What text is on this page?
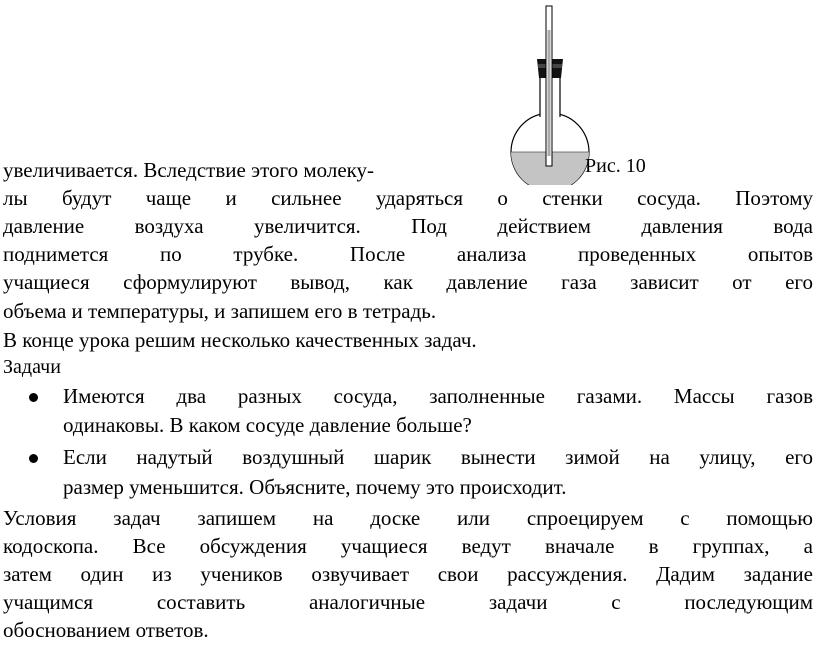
Рис. 10
увеличивается. Вследствие этого молеку-
лы будут чаще и сильнее ударяться о стенки сосуда. Поэтому
давление воздуха увеличится. Под действием давления вода
поднимется по трубке. После анализа проведенных опытов
учащиеся сформулируют вывод, как давление газа зависит от его
объема и температуры, и запишем его в тетрадь.
В конце урока решим несколько качественных задач.
Задачи
Имеются два разных сосуда, заполненные газами. Массы газов
одинаковы. В каком сосуде давление больше?
Если надутый воздушный шарик вынести зимой на улицу, его
размер уменьшится. Объясните, почему это происходит.
Условия задач запишем на доске или спроецируем с помощью
кодоскопа. Все обсуждения учащиеся ведут вначале в группах, а
затем один из учеников озвучивает свои рассуждения. Дадим задание
учащимся составить аналогичные задачи с последующим
обоснованием ответов.
